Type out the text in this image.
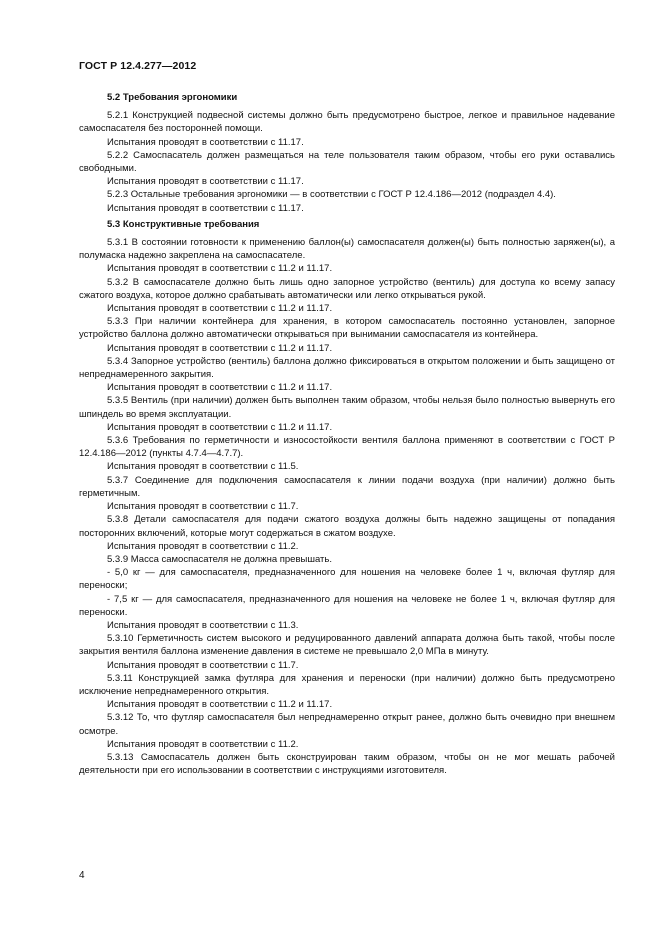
ГОСТ Р 12.4.277—2012

5.2 Требования эргономики

5.2.1 Конструкцией подвесной системы должно быть предусмотрено быстрое, легкое и правильное надевание самоспасателя без посторонней помощи.

Испытания проводят в соответствии с 11.17.

5.2.2 Самоспасатель должен размещаться на теле пользователя таким образом, чтобы его руки оставались свободными.

Испытания проводят в соответствии с 11.17.

5.2.3 Остальные требования эргономики — в соответствии с ГОСТ Р 12.4.186—2012 (подраздел 4.4).

Испытания проводят в соответствии с 11.17.

5.3 Конструктивные требования

5.3.1 В состоянии готовности к применению баллон(ы) самоспасателя должен(ы) быть полностью заряжен(ы), а полумаска надежно закреплена на самоспасателе.

Испытания проводят в соответствии с 11.2 и 11.17.

5.3.2 В самоспасателе должно быть лишь одно запорное устройство (вентиль) для доступа ко всему запасу сжатого воздуха, которое должно срабатывать автоматически или легко открываться рукой.

Испытания проводят в соответствии с 11.2 и 11.17.

5.3.3 При наличии контейнера для хранения, в котором самоспасатель постоянно установлен, запорное устройство баллона должно автоматически открываться при вынимании самоспасателя из контейнера.

Испытания проводят в соответствии с 11.2 и 11.17.

5.3.4 Запорное устройство (вентиль) баллона должно фиксироваться в открытом положении и быть защищено от непреднамеренного закрытия.

Испытания проводят в соответствии с 11.2 и 11.17.

5.3.5 Вентиль (при наличии) должен быть выполнен таким образом, чтобы нельзя было полностью вывернуть его шпиндель во время эксплуатации.

Испытания проводят в соответствии с 11.2 и 11.17.

5.3.6 Требования по герметичности и износостойкости вентиля баллона применяют в соответствии с ГОСТ Р 12.4.186—2012 (пункты 4.7.4—4.7.7).

Испытания проводят в соответствии с 11.5.

5.3.7 Соединение для подключения самоспасателя к линии подачи воздуха (при наличии) должно быть герметичным.

Испытания проводят в соответствии с 11.7.

5.3.8 Детали самоспасателя для подачи сжатого воздуха должны быть надежно защищены от попадания посторонних включений, которые могут содержаться в сжатом воздухе.

Испытания проводят в соответствии с 11.2.

5.3.9 Масса самоспасателя не должна превышать.

- 5,0 кг — для самоспасателя, предназначенного для ношения на человеке более 1 ч, включая футляр для переноски;

- 7,5 кг — для самоспасателя, предназначенного для ношения на человеке не более 1 ч, включая футляр для переноски.

Испытания проводят в соответствии с 11.3.

5.3.10 Герметичность систем высокого и редуцированного давлений аппарата должна быть такой, чтобы после закрытия вентиля баллона изменение давления в системе не превышало 2,0 МПа в минуту.

Испытания проводят в соответствии с 11.7.

5.3.11 Конструкцией замка футляра для хранения и переноски (при наличии) должно быть предусмотрено исключение непреднамеренного открытия.

Испытания проводят в соответствии с 11.2 и 11.17.

5.3.12 То, что футляр самоспасателя был непреднамеренно открыт ранее, должно быть очевидно при внешнем осмотре.

Испытания проводят в соответствии с 11.2.

5.3.13 Самоспасатель должен быть сконструирован таким образом, чтобы он не мог мешать рабочей деятельности при его использовании в соответствии с инструкциями изготовителя.

4
